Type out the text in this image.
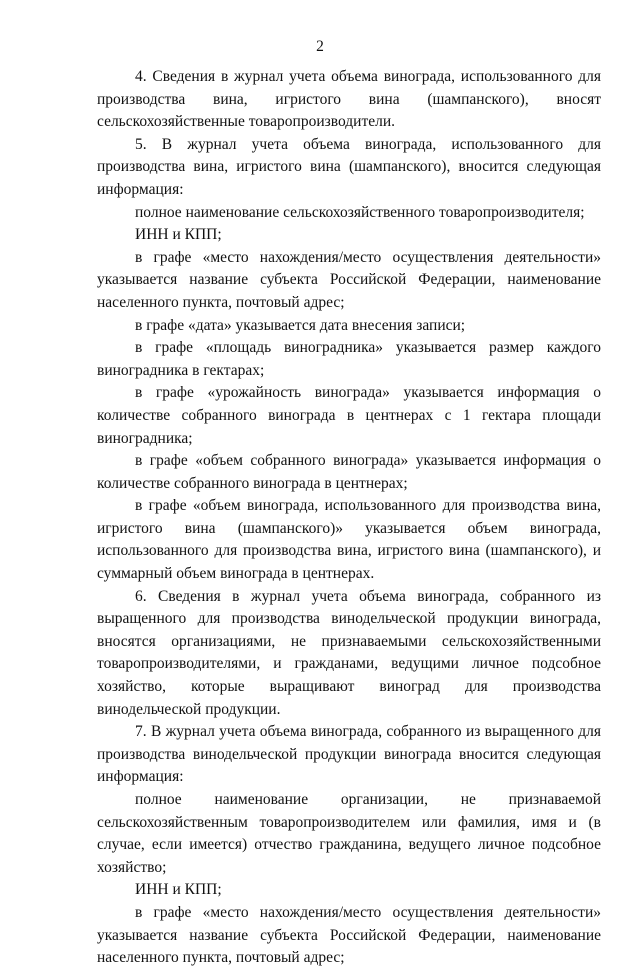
2

4. Сведения в журнал учета объема винограда, использованного для производства вина, игристого вина (шампанского), вносят сельскохозяйственные товаропроизводители.

5. В журнал учета объема винограда, использованного для производства вина, игристого вина (шампанского), вносится следующая информация:

полное наименование сельскохозяйственного товаропроизводителя;

ИНН и КПП;

в графе «место нахождения/место осуществления деятельности» указывается название субъекта Российской Федерации, наименование населенного пункта, почтовый адрес;

в графе «дата» указывается дата внесения записи;

в графе «площадь виноградника» указывается размер каждого виноградника в гектарах;

в графе «урожайность винограда» указывается информация о количестве собранного винограда в центнерах с 1 гектара площади виноградника;

в графе «объем собранного винограда» указывается информация о количестве собранного винограда в центнерах;

в графе «объем винограда, использованного для производства вина, игристого вина (шампанского)» указывается объем винограда, использованного для производства вина, игристого вина (шампанского), и суммарный объем винограда в центнерах.

6. Сведения в журнал учета объема винограда, собранного из выращенного для производства винодельческой продукции винограда, вносятся организациями, не признаваемыми сельскохозяйственными товаропроизводителями, и гражданами, ведущими личное подсобное хозяйство, которые выращивают виноград для производства винодельческой продукции.

7. В журнал учета объема винограда, собранного из выращенного для производства винодельческой продукции винограда вносится следующая информация:

полное наименование организации, не признаваемой сельскохозяйственным товаропроизводителем или фамилия, имя и (в случае, если имеется) отчество гражданина, ведущего личное подсобное хозяйство;

ИНН и КПП;

в графе «место нахождения/место осуществления деятельности» указывается название субъекта Российской Федерации, наименование населенного пункта, почтовый адрес;
